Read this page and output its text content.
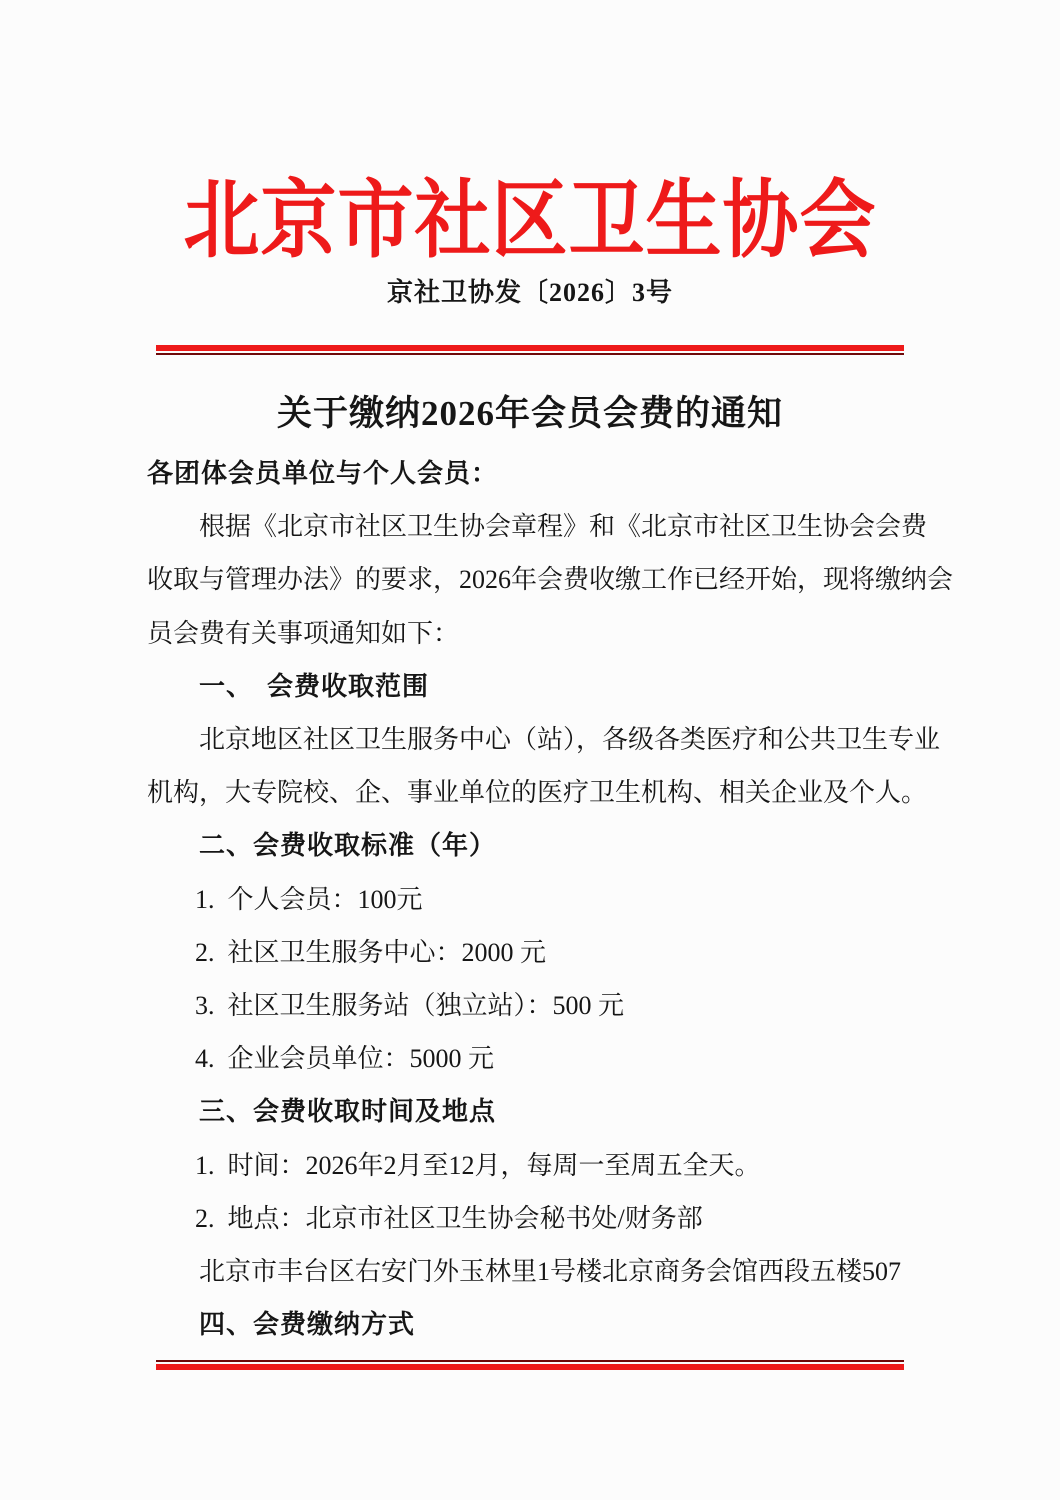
北京市社区卫生协会
京社卫协发〔2026〕3号
关于缴纳2026年会员会费的通知
各团体会员单位与个人会员：
根据《北京市社区卫生协会章程》和《北京市社区卫生协会会费
收取与管理办法》的要求，2026年会费收缴工作已经开始，现将缴纳会
员会费有关事项通知如下：
一、　会费收取范围
北京地区社区卫生服务中心（站），各级各类医疗和公共卫生专业
机构，大专院校、企、事业单位的医疗卫生机构、相关企业及个人。
二、会费收取标准（年）
1.  个人会员：100元
2.  社区卫生服务中心：2000 元
3.  社区卫生服务站（独立站）：500 元
4.  企业会员单位：5000 元
三、会费收取时间及地点
1.  时间：2026年2月至12月，每周一至周五全天。
2.  地点：北京市社区卫生协会秘书处/财务部
北京市丰台区右安门外玉林里1号楼北京商务会馆西段五楼507
四、会费缴纳方式
